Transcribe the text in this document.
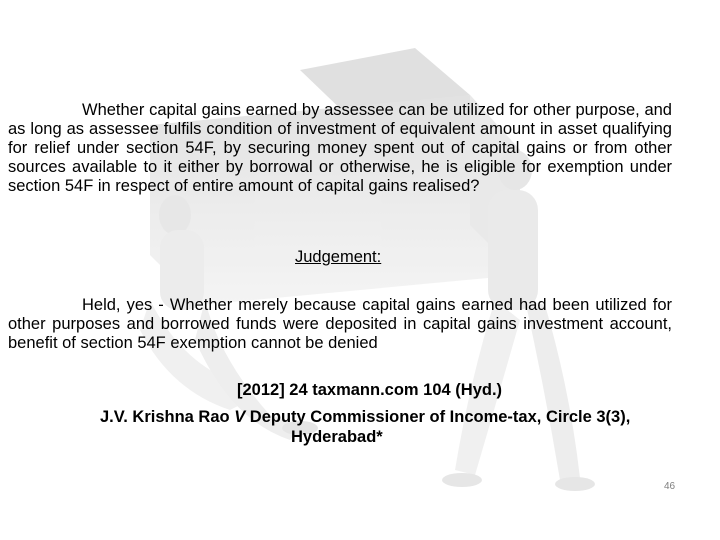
Whether capital gains earned by assessee can be utilized for other purpose, and as long as assessee fulfils condition of investment of equivalent amount in asset qualifying for relief under section 54F, by securing money spent out of capital gains or from other sources available to it either by borrowal or otherwise, he is eligible for exemption under section 54F in respect of entire amount of capital gains realised?

Judgement:

Held, yes - Whether merely because capital gains earned had been utilized for other purposes and borrowed funds were deposited in capital gains investment account, benefit of section 54F exemption cannot be denied

[2012] 24 taxmann.com 104 (Hyd.)

J.V. Krishna Rao V Deputy Commissioner of Income-tax, Circle 3(3),
Hyderabad*

46
